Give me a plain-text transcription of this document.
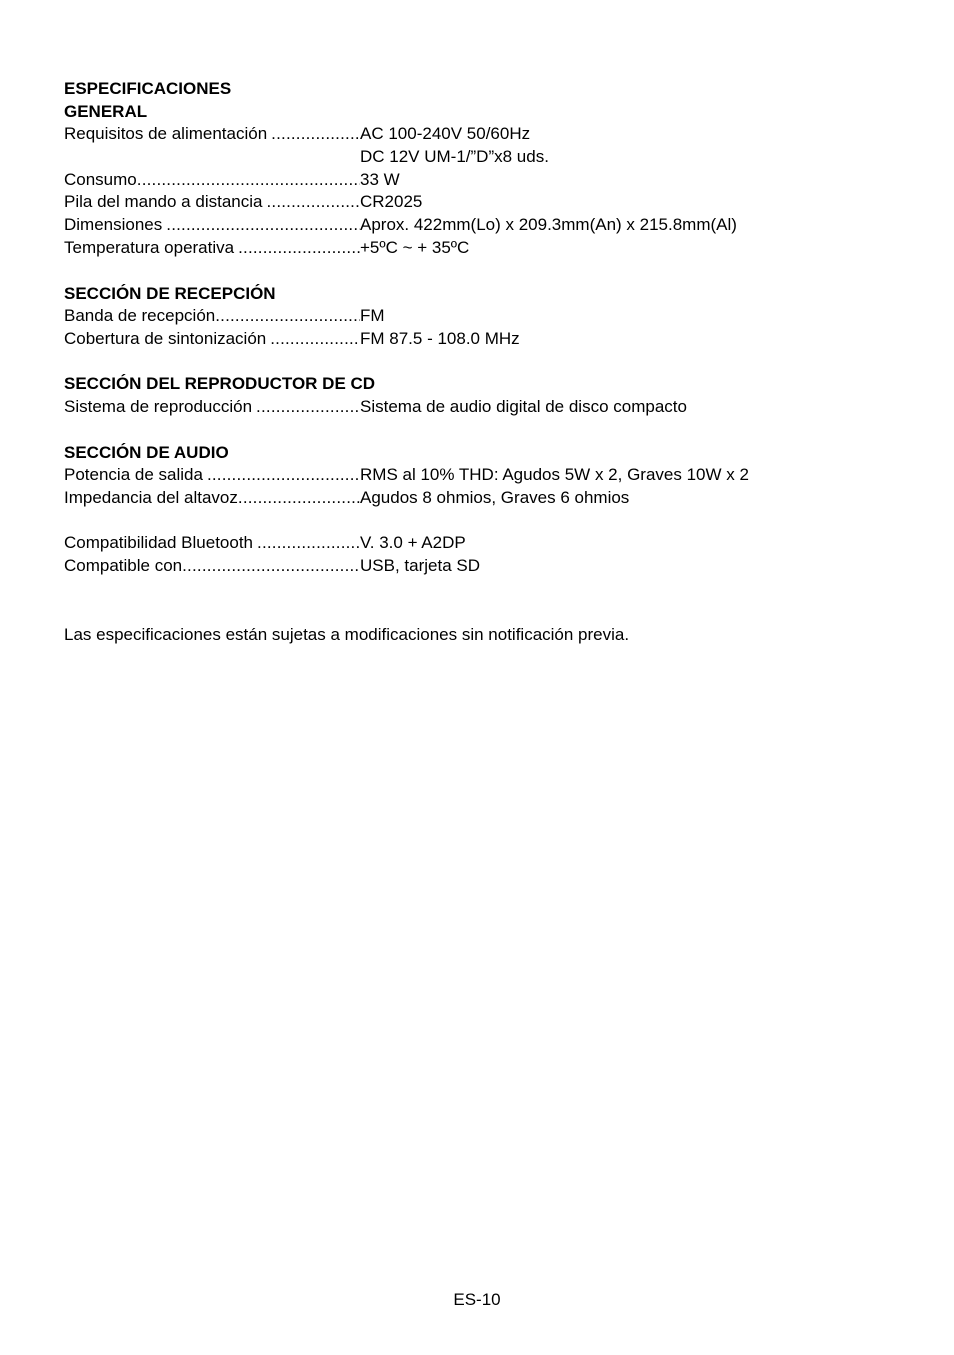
ESPECIFICACIONES
GENERAL
Requisitos de alimentación .....	AC 100-240V 50/60Hz
DC 12V UM-1/”D”x8 uds.
Consumo .....	33 W
Pila del mando a distancia .....	CR2025
Dimensiones .....	Aprox. 422mm(Lo) x 209.3mm(An) x 215.8mm(Al)
Temperatura operativa .....	+5ºC ~ + 35ºC
SECCIÓN DE RECEPCIÓN
Banda de recepción .....	FM
Cobertura de sintonización .....	FM 87.5 - 108.0 MHz
SECCIÓN DEL REPRODUCTOR DE CD
Sistema de reproducción .....	Sistema de audio digital de disco compacto
SECCIÓN DE AUDIO
Potencia de salida .....	RMS al 10% THD: Agudos 5W x 2, Graves 10W x 2
Impedancia del altavoz .....	Agudos 8 ohmios, Graves 6 ohmios
Compatibilidad Bluetooth .....	V. 3.0 + A2DP
Compatible con .....	USB, tarjeta SD
Las especificaciones están sujetas a modificaciones sin notificación previa.
ES-10
